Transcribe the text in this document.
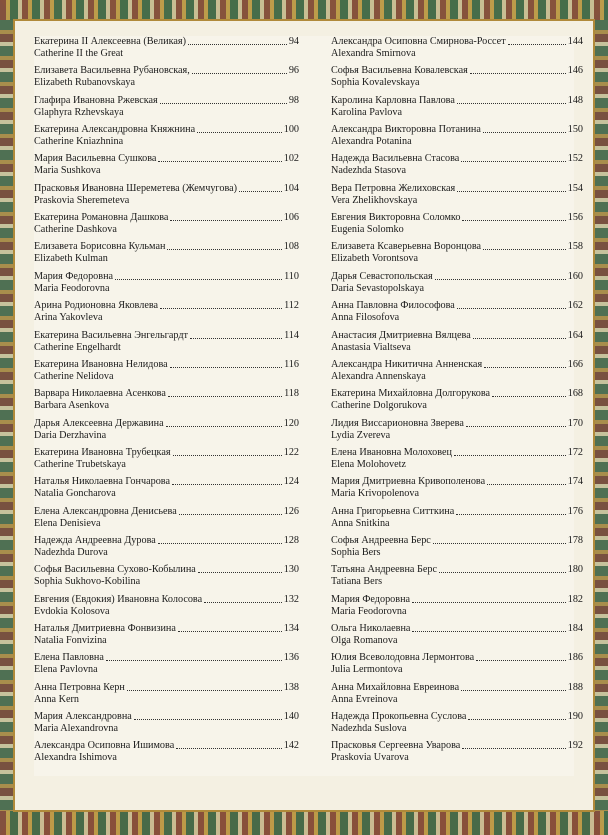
Екатерина II Алексеевна (Великая)	94
Catherine II the Great
Елизавета Васильевна Рубановская,	96
Elizabeth Rubanovskaya
Глафира Ивановна Ржевская	98
Glaphyra Rzhevskaya
Екатерина Александровна Княжнина	100
Catherine Kniazhnina
Мария Васильевна Сушкова	102
Maria Sushkova
Прасковья Ивановна Шереметева (Жемчугова)	104
Praskovia Sheremeteva
Екатерина Романовна Дашкова	106
Catherine Dashkova
Елизавета Борисовна Кульман	108
Elizabeth Kulman
Мария Федоровна	110
Maria Feodorovna
Арина Родионовна Яковлева	112
Arina Yakovleva
Екатерина Васильевна Энгельгардт	114
Catherine Engelhardt
Екатерина Ивановна Нелидова	116
Catherine Nelidova
Варвара Николаевна Асенкова	118
Barbara Asenkova
Дарья Алексеевна Державина	120
Daria Derzhavina
Екатерина Ивановна Трубецкая	122
Catherine Trubetskaya
Наталья Николаевна Гончарова	124
Natalia Goncharova
Елена Александровна Денисьева	126
Elena Denisieva
Надежда Андреевна Дурова	128
Nadezhda Durova
Софья Васильевна Сухово-Кобылина	130
Sophia Sukhovo-Kobilina
Евгения (Евдокия) Ивановна Колосова	132
Evdokia Kolosova
Наталья Дмитриевна Фонвизина	134
Natalia Fonvizina
Елена Павловна	136
Elena Pavlovna
Анна Петровна Керн	138
Anna Kern
Мария Александровна	140
Maria Alexandrovna
Александра Осиповна Ишимова	142
Alexandra Ishimova
Александра Осиповна Смирнова-Россет	144
Alexandra Smirnova
Софья Васильевна Ковалевская	146
Sophia Kovalevskaya
Каролина Карловна Павлова	148
Karolina Pavlova
Александра Викторовна Потанина	150
Alexandra Potanina
Надежда Васильевна Стасова	152
Nadezhda Stasova
Вера Петровна Желиховская	154
Vera Zhelikhovskaya
Евгения Викторовна Соломко	156
Eugenia Solomko
Елизавета Ксаверьевна Воронцова	158
Elizabeth Vorontsova
Дарья Севастопольская	160
Daria Sevastopolskaya
Анна Павловна Философова	162
Anna Filosofova
Анастасия Дмитриевна Вялцева	164
Anastasia Vialtseva
Александра Никитична Анненская	166
Alexandra Annenskaya
Екатерина Михайловна Долгорукова	168
Catherine Dolgorukova
Лидия Виссарионовна Зверева	170
Lydia Zvereva
Елена Ивановна Молоховец	172
Elena Molohovetz
Мария Дмитриевна Кривополенова	174
Maria Krivopolenova
Анна Григорьевна Ситткина	176
Anna Snitkina
Софья Андреевна Берс	178
Sophia Bers
Татьяна Андреевна Берс	180
Tatiana Bers
Мария Федоровна	182
Maria Feodorovna
Ольга Николаевна	184
Olga Romanova
Юлия Всеволодовна Лермонтова	186
Julia Lermontova
Анна Михайловна Евреинова	188
Anna Evreinova
Надежда Прокопьевна Суслова	190
Nadezhda Suslova
Прасковья Сергеевна Уварова	192
Praskovia Uvarova
